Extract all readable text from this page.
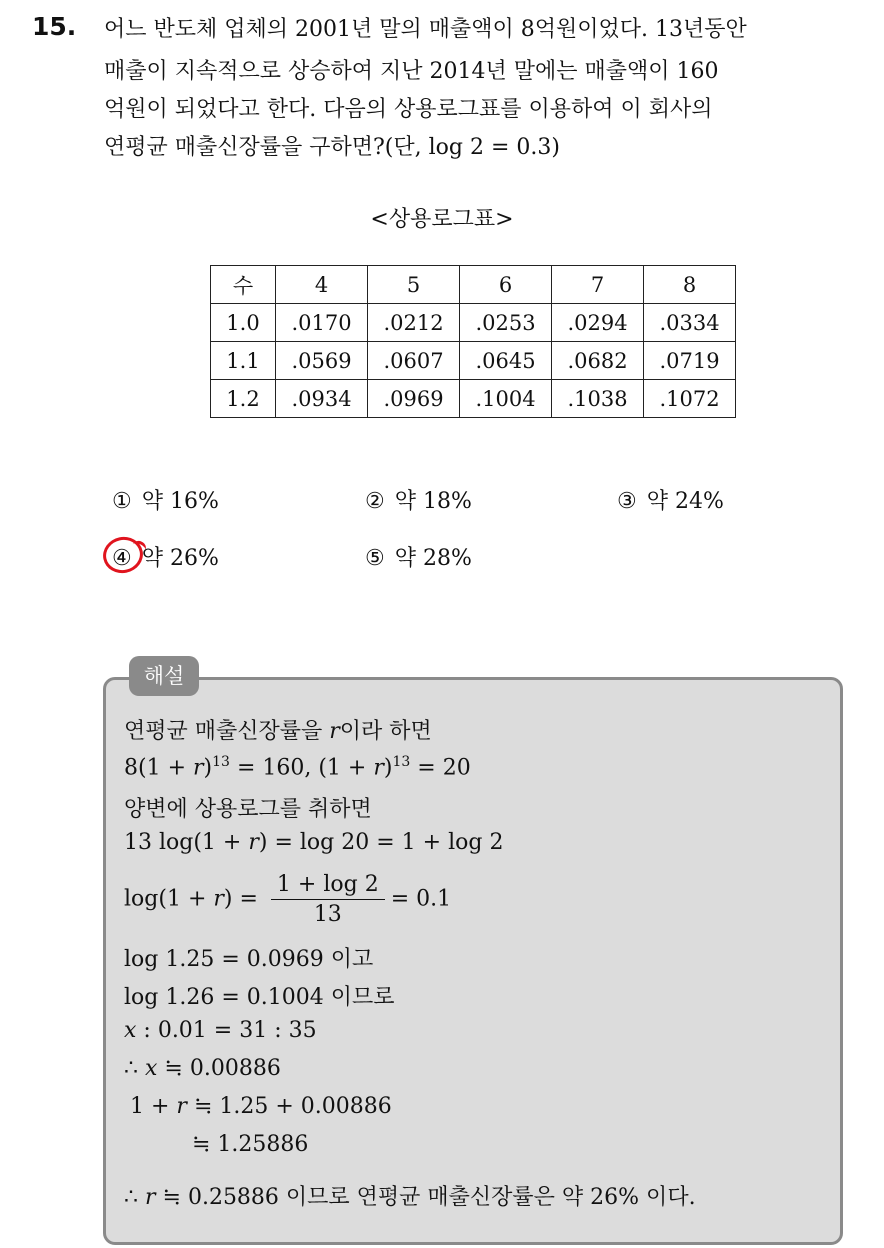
15. 어느 반도체 업체의 2001년 말의 매출액이 8억원이었다. 13년동안
매출이 지속적으로 상승하여 지난 2014년 말에는 매출액이 160
억원이 되었다고 한다. 다음의 상용로그표를 이용하여 이 회사의
연평균 매출신장률을 구하면?(단, log 2 = 0.3)
<상용로그표>
수	4	5	6	7	8
1.0	.0170	.0212	.0253	.0294	.0334
1.1	.0569	.0607	.0645	.0682	.0719
1.2	.0934	.0969	.1004	.1038	.1072
① 약 16%	② 약 18%	③ 약 24%
④ 약 26%	⑤ 약 28%
해설
연평균 매출신장률을 r이라 하면
$8(1 + r)^{13} = 160$, $(1 + r)^{13} = 20$
양변에 상용로그를 취하면
13 log(1 + r) = log 20 = 1 + log 2
$\log(1 + r) = \frac{1 + \log 2}{13} = 0.1$
log 1.25 = 0.0969 이고
log 1.26 = 0.1004 이므로
x : 0.01 = 31 : 35
∴ x ≒ 0.00886
1 + r ≒ 1.25 + 0.00886
≒ 1.25886
∴ r ≒ 0.25886 이므로 연평균 매출신장률은 약 26% 이다.
